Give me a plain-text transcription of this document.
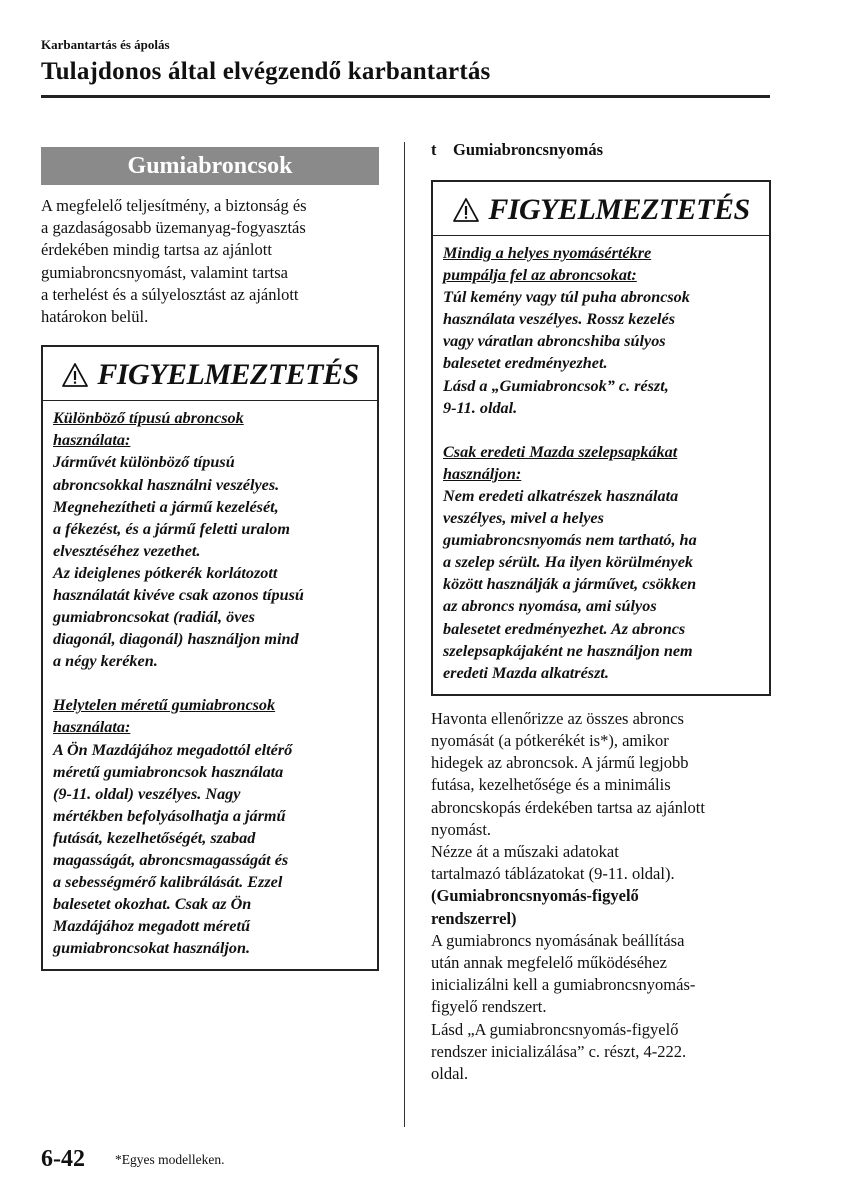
Karbantartás és ápolás
Tulajdonos által elvégzendő karbantartás
Gumiabroncsok

A megfelelő teljesítmény, a biztonság és

a gazdaságosabb üzemanyag-fogyasztás

érdekében mindig tartsa az ajánlott

gumiabroncsnyomást, valamint tartsa

a terhelést és a súlyelosztást az ajánlott

határokon belül.

FIGYELMEZTETÉS

Különböző típusú abroncsok

használata:

Járművét különböző típusú

abroncsokkal használni veszélyes.

Megnehezítheti a jármű kezelését,

a fékezést, és a jármű feletti uralom

elvesztéséhez vezethet.

Az ideiglenes pótkerék korlátozott

használatát kivéve csak azonos típusú

gumiabroncsokat (radiál, öves

diagonál, diagonál) használjon mind

a négy keréken.

Helytelen méretű gumiabroncsok

használata:

A Ön Mazdájához megadottól eltérő

méretű gumiabroncsok használata

(9-11. oldal) veszélyes. Nagy

mértékben befolyásolhatja a jármű

futását, kezelhetőségét, szabad

magasságát, abroncsmagasságát és

a sebességmérő kalibrálását. Ezzel

balesetet okozhat. Csak az Ön

Mazdájához megadott méretű

gumiabroncsokat használjon.

t Gumiabroncsnyomás
FIGYELMEZTETÉS

Mindig a helyes nyomásértékre

pumpálja fel az abroncsokat:

Túl kemény vagy túl puha abroncsok

használata veszélyes. Rossz kezelés

vagy váratlan abroncshiba súlyos

balesetet eredményezhet.

Lásd a „Gumiabroncsok” c. részt,

9-11. oldal.

Csak eredeti Mazda szelepsapkákat

használjon:

Nem eredeti alkatrészek használata

veszélyes, mivel a helyes

gumiabroncsnyomás nem tartható, ha

a szelep sérült. Ha ilyen körülmények

között használják a járművet, csökken

az abroncs nyomása, ami súlyos

balesetet eredményezhet. Az abroncs

szelepsapkájaként ne használjon nem

eredeti Mazda alkatrészt.

Havonta ellenőrizze az összes abroncs

nyomását (a pótkerékét is*), amikor

hidegek az abroncsok. A jármű legjobb

futása, kezelhetősége és a minimális

abroncskopás érdekében tartsa az ajánlott

nyomást.

Nézze át a műszaki adatokat

tartalmazó táblázatokat (9-11. oldal).

(Gumiabroncsnyomás-figyelő

rendszerrel)

A gumiabroncs nyomásának beállítása

után annak megfelelő működéséhez

inicializálni kell a gumiabroncsnyomás-

figyelő rendszert.

Lásd „A gumiabroncsnyomás-figyelő

rendszer inicializálása” c. részt, 4-222.

oldal.

6-42 *Egyes modelleken.
